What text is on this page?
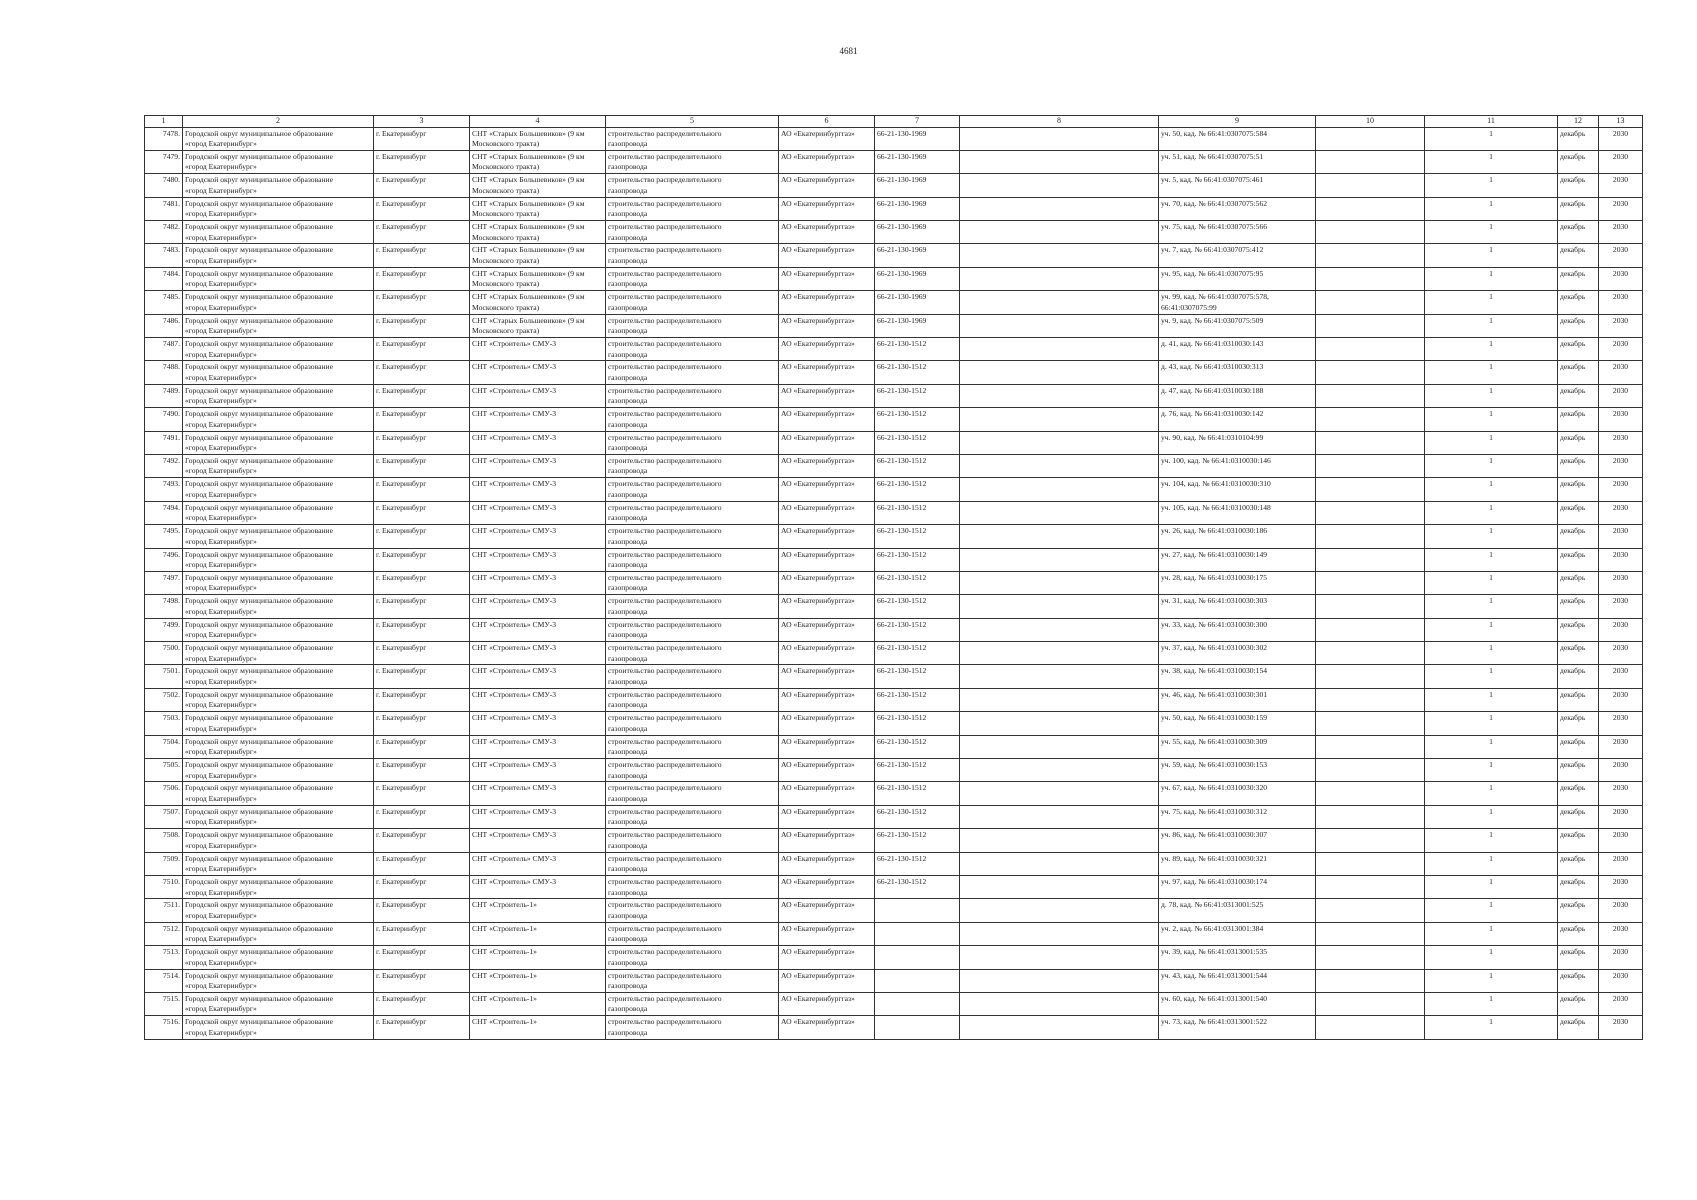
4681
1	2	3	4	5	6	7	8	9	10	11	12	13
7478.	Городской округ муниципальное образование
«город Екатеринбург»	г. Екатеринбург	СНТ «Старых Большевиков» (9 км
Московского тракта)	строительство распределительного
газопровода	АО «Екатеринбурггаз»	66-21-130-1969		уч. 50, кад. № 66:41:0307075:584		1	декабрь	2030
7479.	Городской округ муниципальное образование
«город Екатеринбург»	г. Екатеринбург	СНТ «Старых Большевиков» (9 км
Московского тракта)	строительство распределительного
газопровода	АО «Екатеринбурггаз»	66-21-130-1969		уч. 51, кад. № 66:41:0307075:51		1	декабрь	2030
7480.	Городской округ муниципальное образование
«город Екатеринбург»	г. Екатеринбург	СНТ «Старых Большевиков» (9 км
Московского тракта)	строительство распределительного
газопровода	АО «Екатеринбурггаз»	66-21-130-1969		уч. 5, кад. № 66:41:0307075:461		1	декабрь	2030
7481.	Городской округ муниципальное образование
«город Екатеринбург»	г. Екатеринбург	СНТ «Старых Большевиков» (9 км
Московского тракта)	строительство распределительного
газопровода	АО «Екатеринбурггаз»	66-21-130-1969		уч. 70, кад. № 66:41:0307075:562		1	декабрь	2030
7482.	Городской округ муниципальное образование
«город Екатеринбург»	г. Екатеринбург	СНТ «Старых Большевиков» (9 км
Московского тракта)	строительство распределительного
газопровода	АО «Екатеринбурггаз»	66-21-130-1969		уч. 75, кад. № 66:41:0307075:566		1	декабрь	2030
7483.	Городской округ муниципальное образование
«город Екатеринбург»	г. Екатеринбург	СНТ «Старых Большевиков» (9 км
Московского тракта)	строительство распределительного
газопровода	АО «Екатеринбурггаз»	66-21-130-1969		уч. 7, кад. № 66:41:0307075:412		1	декабрь	2030
7484.	Городской округ муниципальное образование
«город Екатеринбург»	г. Екатеринбург	СНТ «Старых Большевиков» (9 км
Московского тракта)	строительство распределительного
газопровода	АО «Екатеринбурггаз»	66-21-130-1969		уч. 95, кад. № 66:41:0307075:95		1	декабрь	2030
7485.	Городской округ муниципальное образование
«город Екатеринбург»	г. Екатеринбург	СНТ «Старых Большевиков» (9 км
Московского тракта)	строительство распределительного
газопровода	АО «Екатеринбурггаз»	66-21-130-1969		уч. 99, кад. № 66:41:0307075:578,
66:41:0307075:99		1	декабрь	2030
7486.	Городской округ муниципальное образование
«город Екатеринбург»	г. Екатеринбург	СНТ «Старых Большевиков» (9 км
Московского тракта)	строительство распределительного
газопровода	АО «Екатеринбурггаз»	66-21-130-1969		уч. 9, кад. № 66:41:0307075:509		1	декабрь	2030
7487.	Городской округ муниципальное образование
«город Екатеринбург»	г. Екатеринбург	СНТ «Строитель» СМУ-3	строительство распределительного
газопровода	АО «Екатеринбурггаз»	66-21-130-1512		д. 41, кад. № 66:41:0310030:143		1	декабрь	2030
7488.	Городской округ муниципальное образование
«город Екатеринбург»	г. Екатеринбург	СНТ «Строитель» СМУ-3	строительство распределительного
газопровода	АО «Екатеринбурггаз»	66-21-130-1512		д. 43, кад. № 66:41:0310030:313		1	декабрь	2030
7489.	Городской округ муниципальное образование
«город Екатеринбург»	г. Екатеринбург	СНТ «Строитель» СМУ-3	строительство распределительного
газопровода	АО «Екатеринбурггаз»	66-21-130-1512		д. 47, кад. № 66:41:0310030:188		1	декабрь	2030
7490.	Городской округ муниципальное образование
«город Екатеринбург»	г. Екатеринбург	СНТ «Строитель» СМУ-3	строительство распределительного
газопровода	АО «Екатеринбурггаз»	66-21-130-1512		д. 76, кад. № 66:41:0310030:142		1	декабрь	2030
7491.	Городской округ муниципальное образование
«город Екатеринбург»	г. Екатеринбург	СНТ «Строитель» СМУ-3	строительство распределительного
газопровода	АО «Екатеринбурггаз»	66-21-130-1512		уч. 90, кад. № 66:41:0310104:99		1	декабрь	2030
7492.	Городской округ муниципальное образование
«город Екатеринбург»	г. Екатеринбург	СНТ «Строитель» СМУ-3	строительство распределительного
газопровода	АО «Екатеринбурггаз»	66-21-130-1512		уч. 100, кад. № 66:41:0310030:146		1	декабрь	2030
7493.	Городской округ муниципальное образование
«город Екатеринбург»	г. Екатеринбург	СНТ «Строитель» СМУ-3	строительство распределительного
газопровода	АО «Екатеринбурггаз»	66-21-130-1512		уч. 104, кад. № 66:41:0310030:310		1	декабрь	2030
7494.	Городской округ муниципальное образование
«город Екатеринбург»	г. Екатеринбург	СНТ «Строитель» СМУ-3	строительство распределительного
газопровода	АО «Екатеринбурггаз»	66-21-130-1512		уч. 105, кад. № 66:41:0310030:148		1	декабрь	2030
7495.	Городской округ муниципальное образование
«город Екатеринбург»	г. Екатеринбург	СНТ «Строитель» СМУ-3	строительство распределительного
газопровода	АО «Екатеринбурггаз»	66-21-130-1512		уч. 26, кад. № 66:41:0310030:186		1	декабрь	2030
7496.	Городской округ муниципальное образование
«город Екатеринбург»	г. Екатеринбург	СНТ «Строитель» СМУ-3	строительство распределительного
газопровода	АО «Екатеринбурггаз»	66-21-130-1512		уч. 27, кад. № 66:41:0310030:149		1	декабрь	2030
7497.	Городской округ муниципальное образование
«город Екатеринбург»	г. Екатеринбург	СНТ «Строитель» СМУ-3	строительство распределительного
газопровода	АО «Екатеринбурггаз»	66-21-130-1512		уч. 28, кад. № 66:41:0310030:175		1	декабрь	2030
7498.	Городской округ муниципальное образование
«город Екатеринбург»	г. Екатеринбург	СНТ «Строитель» СМУ-3	строительство распределительного
газопровода	АО «Екатеринбурггаз»	66-21-130-1512		уч. 31, кад. № 66:41:0310030:303		1	декабрь	2030
7499.	Городской округ муниципальное образование
«город Екатеринбург»	г. Екатеринбург	СНТ «Строитель» СМУ-3	строительство распределительного
газопровода	АО «Екатеринбурггаз»	66-21-130-1512		уч. 33, кад. № 66:41:0310030:300		1	декабрь	2030
7500.	Городской округ муниципальное образование
«город Екатеринбург»	г. Екатеринбург	СНТ «Строитель» СМУ-3	строительство распределительного
газопровода	АО «Екатеринбурггаз»	66-21-130-1512		уч. 37, кад. № 66:41:0310030:302		1	декабрь	2030
7501.	Городской округ муниципальное образование
«город Екатеринбург»	г. Екатеринбург	СНТ «Строитель» СМУ-3	строительство распределительного
газопровода	АО «Екатеринбурггаз»	66-21-130-1512		уч. 38, кад. № 66:41:0310030:154		1	декабрь	2030
7502.	Городской округ муниципальное образование
«город Екатеринбург»	г. Екатеринбург	СНТ «Строитель» СМУ-3	строительство распределительного
газопровода	АО «Екатеринбурггаз»	66-21-130-1512		уч. 46, кад. № 66:41:0310030:301		1	декабрь	2030
7503.	Городской округ муниципальное образование
«город Екатеринбург»	г. Екатеринбург	СНТ «Строитель» СМУ-3	строительство распределительного
газопровода	АО «Екатеринбурггаз»	66-21-130-1512		уч. 50, кад. № 66:41:0310030:159		1	декабрь	2030
7504.	Городской округ муниципальное образование
«город Екатеринбург»	г. Екатеринбург	СНТ «Строитель» СМУ-3	строительство распределительного
газопровода	АО «Екатеринбурггаз»	66-21-130-1512		уч. 55, кад. № 66:41:0310030:309		1	декабрь	2030
7505.	Городской округ муниципальное образование
«город Екатеринбург»	г. Екатеринбург	СНТ «Строитель» СМУ-3	строительство распределительного
газопровода	АО «Екатеринбурггаз»	66-21-130-1512		уч. 59, кад. № 66:41:0310030:153		1	декабрь	2030
7506.	Городской округ муниципальное образование
«город Екатеринбург»	г. Екатеринбург	СНТ «Строитель» СМУ-3	строительство распределительного
газопровода	АО «Екатеринбурггаз»	66-21-130-1512		уч. 67, кад. № 66:41:0310030:320		1	декабрь	2030
7507.	Городской округ муниципальное образование
«город Екатеринбург»	г. Екатеринбург	СНТ «Строитель» СМУ-3	строительство распределительного
газопровода	АО «Екатеринбурггаз»	66-21-130-1512		уч. 75, кад. № 66:41:0310030:312		1	декабрь	2030
7508.	Городской округ муниципальное образование
«город Екатеринбург»	г. Екатеринбург	СНТ «Строитель» СМУ-3	строительство распределительного
газопровода	АО «Екатеринбурггаз»	66-21-130-1512		уч. 86, кад. № 66:41:0310030:307		1	декабрь	2030
7509.	Городской округ муниципальное образование
«город Екатеринбург»	г. Екатеринбург	СНТ «Строитель» СМУ-3	строительство распределительного
газопровода	АО «Екатеринбурггаз»	66-21-130-1512		уч. 89, кад. № 66:41:0310030:321		1	декабрь	2030
7510.	Городской округ муниципальное образование
«город Екатеринбург»	г. Екатеринбург	СНТ «Строитель» СМУ-3	строительство распределительного
газопровода	АО «Екатеринбурггаз»	66-21-130-1512		уч. 97, кад. № 66:41:0310030:174		1	декабрь	2030
7511.	Городской округ муниципальное образование
«город Екатеринбург»	г. Екатеринбург	СНТ «Строитель-1»	строительство распределительного
газопровода	АО «Екатеринбурггаз»			д. 78, кад. № 66:41:0313001:525		1	декабрь	2030
7512.	Городской округ муниципальное образование
«город Екатеринбург»	г. Екатеринбург	СНТ «Строитель-1»	строительство распределительного
газопровода	АО «Екатеринбурггаз»			уч. 2, кад. № 66:41:0313001:384		1	декабрь	2030
7513.	Городской округ муниципальное образование
«город Екатеринбург»	г. Екатеринбург	СНТ «Строитель-1»	строительство распределительного
газопровода	АО «Екатеринбурггаз»			уч. 39, кад. № 66:41:0313001:535		1	декабрь	2030
7514.	Городской округ муниципальное образование
«город Екатеринбург»	г. Екатеринбург	СНТ «Строитель-1»	строительство распределительного
газопровода	АО «Екатеринбурггаз»			уч. 43, кад. № 66:41:0313001:544		1	декабрь	2030
7515.	Городской округ муниципальное образование
«город Екатеринбург»	г. Екатеринбург	СНТ «Строитель-1»	строительство распределительного
газопровода	АО «Екатеринбурггаз»			уч. 60, кад. № 66:41:0313001:540		1	декабрь	2030
7516.	Городской округ муниципальное образование
«город Екатеринбург»	г. Екатеринбург	СНТ «Строитель-1»	строительство распределительного
газопровода	АО «Екатеринбурггаз»			уч. 73, кад. № 66:41:0313001:522		1	декабрь	2030
